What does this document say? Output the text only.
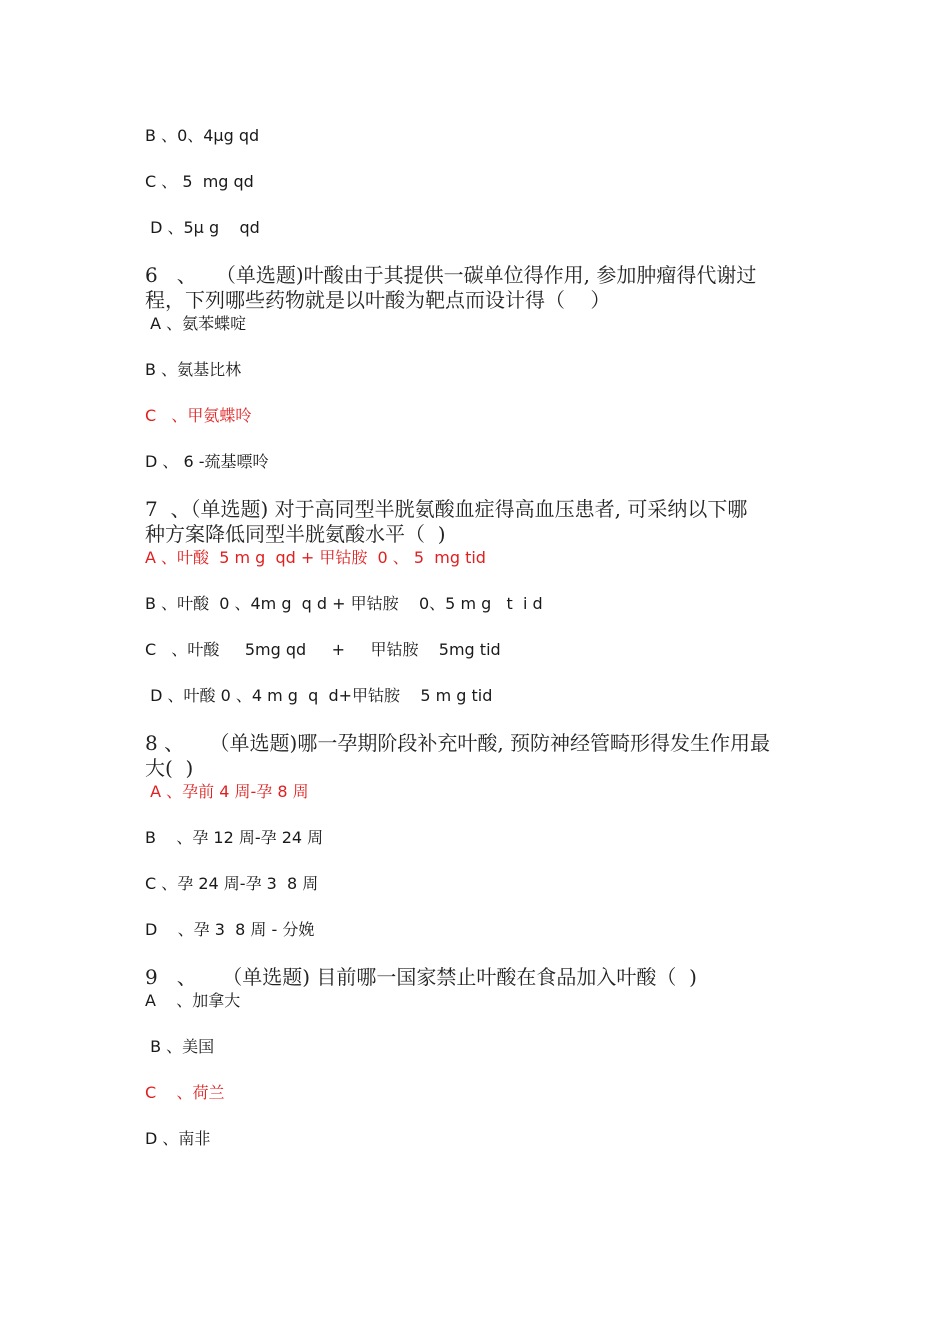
B 、0、4μg qd
C 、 5  mg qd
D 、5μ g    qd
6   、   （单选题)叶酸由于其提供一碳单位得作用, 参加肿瘤得代谢过
程，下列哪些药物就是以叶酸为靶点而设计得（    ）
A 、氨苯蝶啶
B 、氨基比林
C   、甲氨蝶呤
D 、 6 -巯基嘌呤
7  、（单选题) 对于高同型半胱氨酸血症得高血压患者, 可采纳以下哪
种方案降低同型半胱氨酸水平（  )
A 、叶酸  5 m g  qd + 甲钴胺  0 、 5  mg tid
B 、叶酸  0 、4m g  q d + 甲钴胺    0、5 m g   t  i d
C   、叶酸     5mg qd     +     甲钴胺    5mg tid
D 、叶酸 0 、4 m g  q  d+甲钴胺    5 m g tid
8 、    （单选题)哪一孕期阶段补充叶酸, 预防神经管畸形得发生作用最
大(  )
A 、孕前 4 周-孕 8 周
B    、孕 12 周-孕 24 周
C 、孕 24 周-孕 3  8 周
D    、孕 3  8 周 - 分娩
9   、    （单选题) 目前哪一国家禁止叶酸在食品加入叶酸（  )
A    、加拿大
B 、美国
C    、荷兰
D 、南非
